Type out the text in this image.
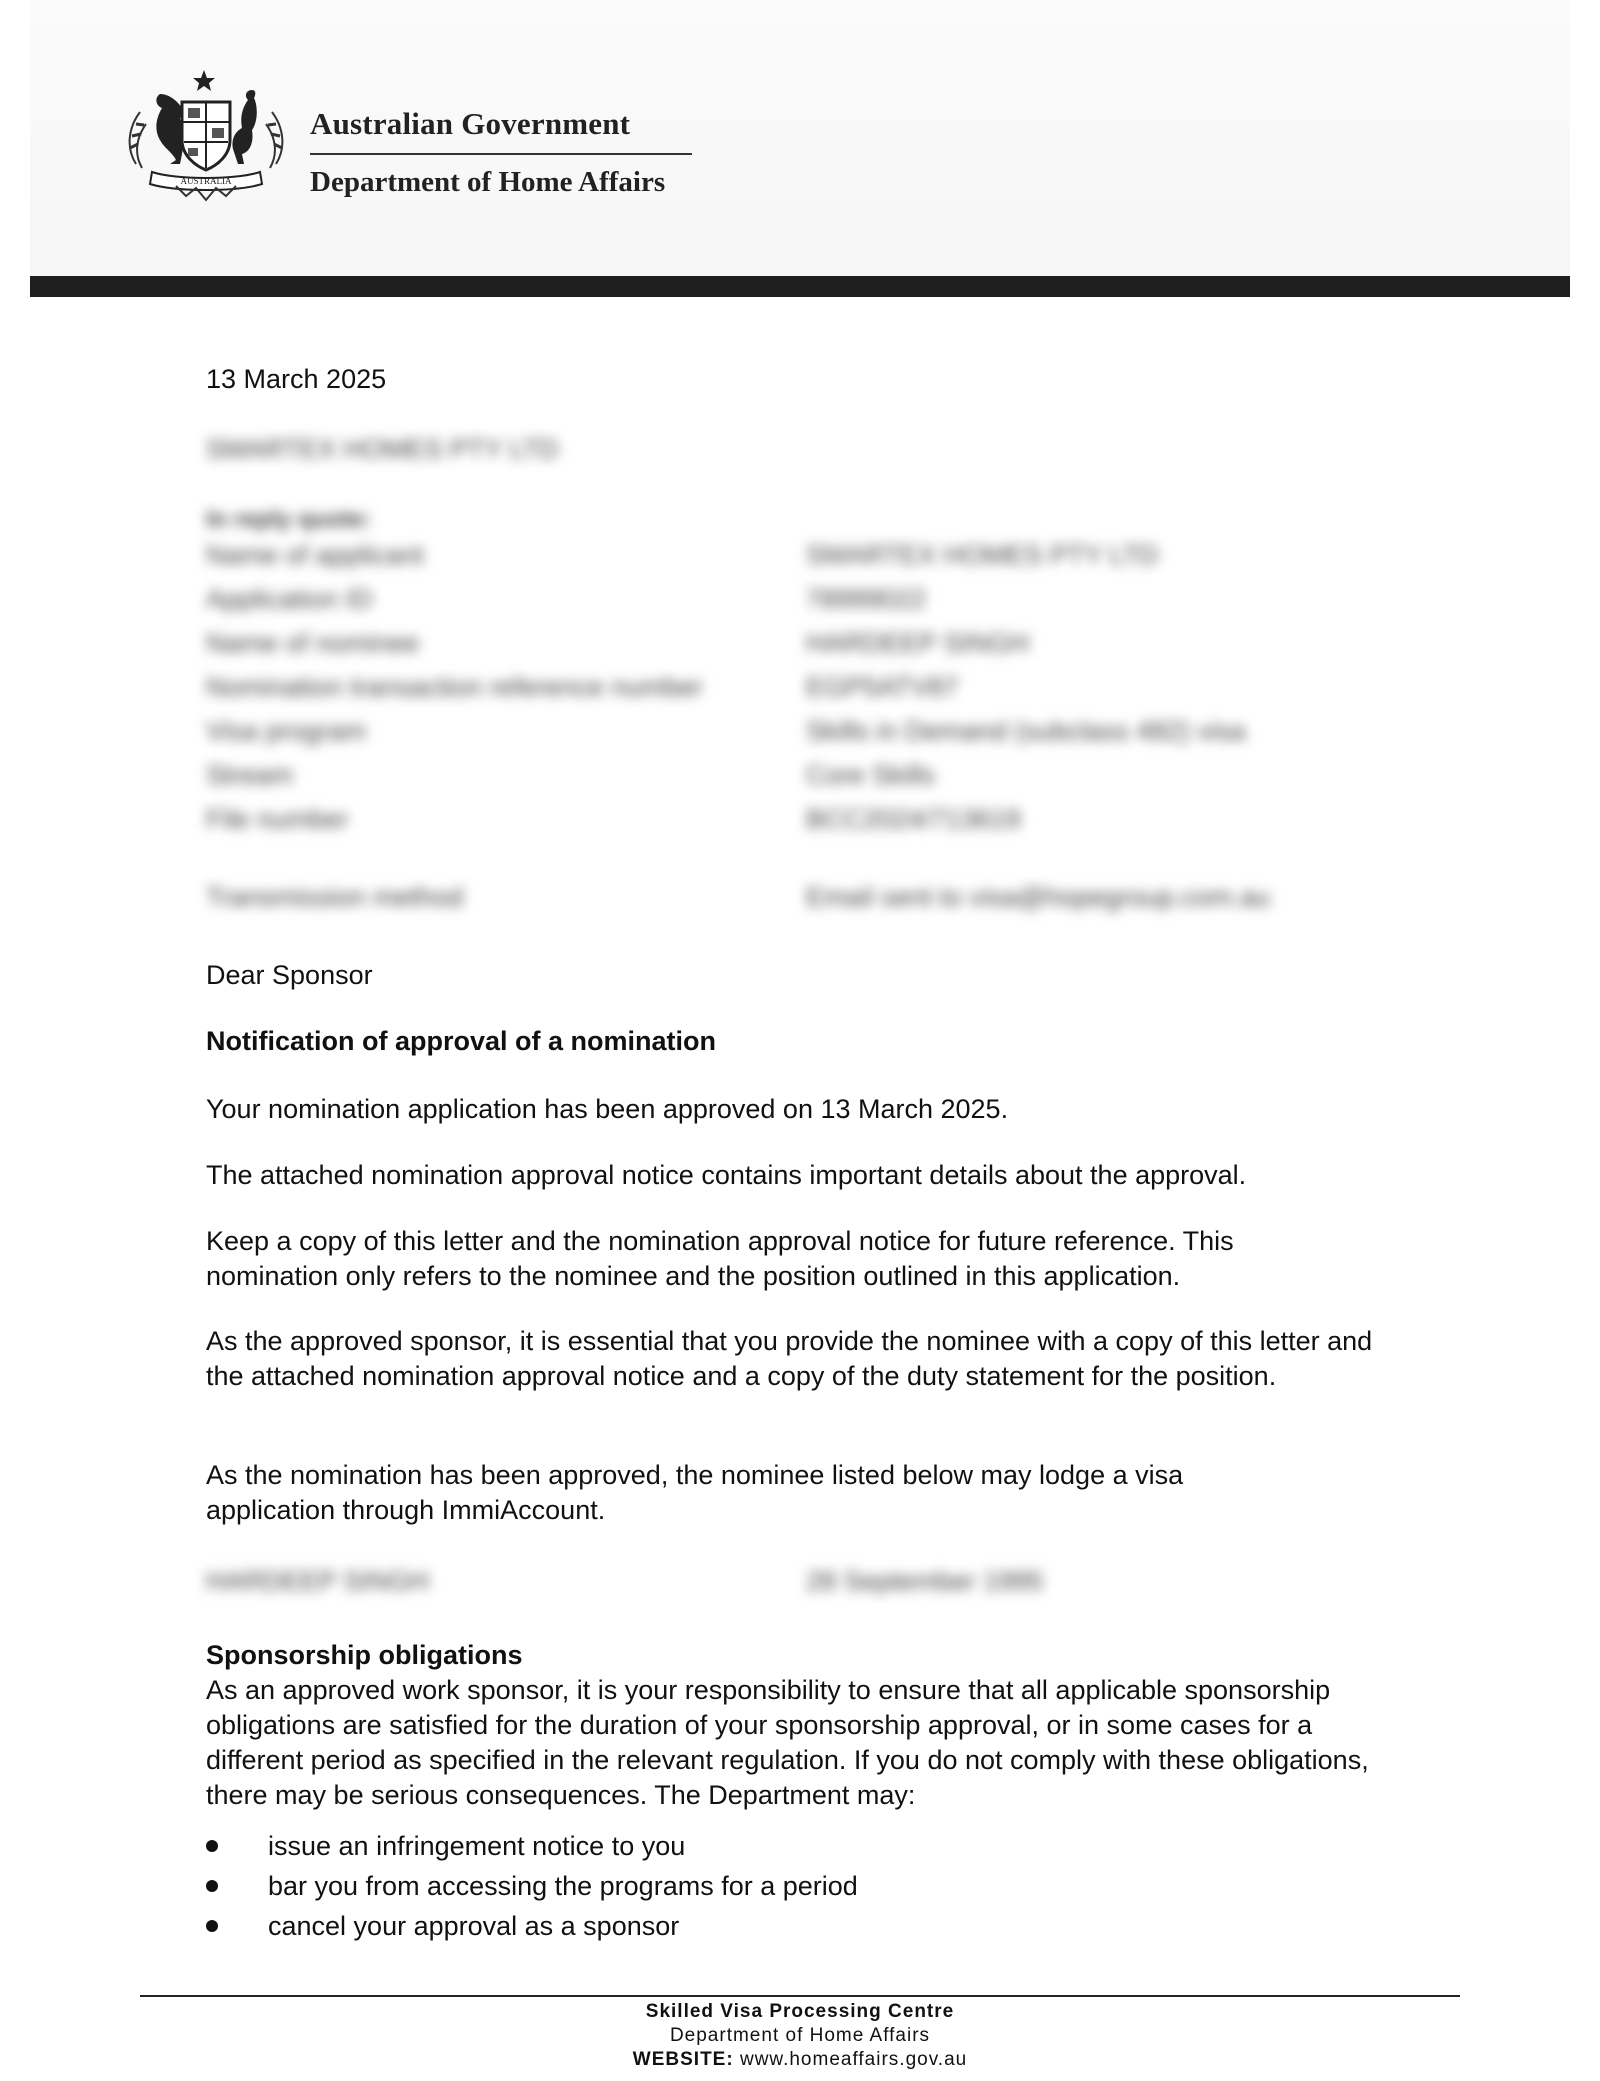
AUSTRALIA
Australian Government
Department of Home Affairs
13 March 2025
SMARTEX HOMES PTY LTD
In reply quote:
Name of applicant	SMARTEX HOMES PTY LTD
Application ID	78999022
Name of nominee	HARDEEP SINGH
Nomination transaction reference number	EGP5ATV87
Visa program	Skills in Demand (subclass 482) visa
Stream	Core Skills
File number	BCC2024/713619
Transmission method	Email sent to visa@hopegroup.com.au
Dear Sponsor
Notification of approval of a nomination

Your nomination application has been approved on 13 March 2025.

The attached nomination approval notice contains important details about the approval.

Keep a copy of this letter and the nomination approval notice for future reference. This nomination only refers to the nominee and the position outlined in this application.

As the approved sponsor, it is essential that you provide the nominee with a copy of this letter and the attached nomination approval notice and a copy of the duty statement for the position.

As the nomination has been approved, the nominee listed below may lodge a visa application through ImmiAccount.

HARDEEP SINGH	28 September 1995
Sponsorship obligations

As an approved work sponsor, it is your responsibility to ensure that all applicable sponsorship obligations are satisfied for the duration of your sponsorship approval, or in some cases for a different period as specified in the relevant regulation. If you do not comply with these obligations, there may be serious consequences. The Department may:

issue an infringement notice to you
bar you from accessing the programs for a period
cancel your approval as a sponsor
Skilled Visa Processing Centre
Department of Home Affairs
WEBSITE: www.homeaffairs.gov.au
